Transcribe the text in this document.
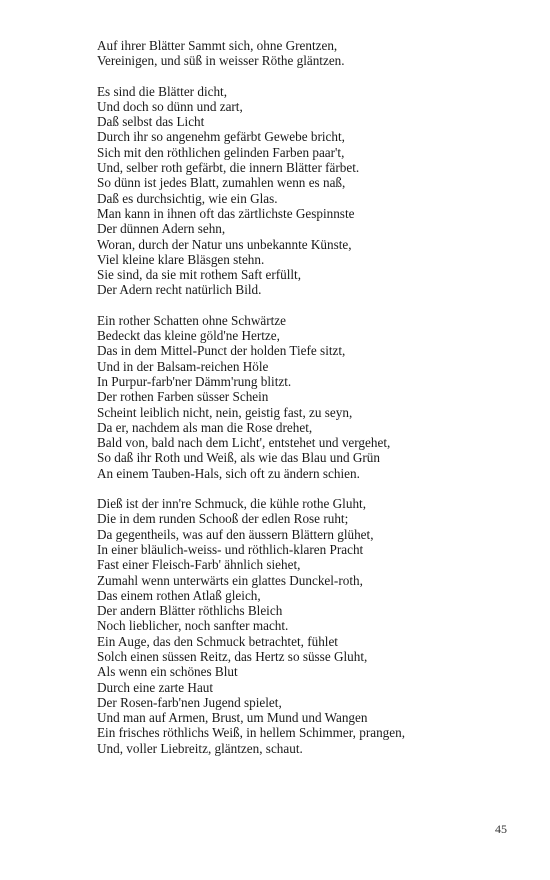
Auf ihrer Blätter Sammt sich, ohne Grentzen,
Vereinigen, und süß in weisser Röthe gläntzen.
Es sind die Blätter dicht,
Und doch so dünn und zart,
Daß selbst das Licht
Durch ihr so angenehm gefärbt Gewebe bricht,
Sich mit den röthlichen gelinden Farben paar't,
Und, selber roth gefärbt, die innern Blätter färbet.
So dünn ist jedes Blatt, zumahlen wenn es naß,
Daß es durchsichtig, wie ein Glas.
Man kann in ihnen oft das zärtlichste Gespinnste
Der dünnen Adern sehn,
Woran, durch der Natur uns unbekannte Künste,
Viel kleine klare Bläsgen stehn.
Sie sind, da sie mit rothem Saft erfüllt,
Der Adern recht natürlich Bild.
Ein rother Schatten ohne Schwärtze
Bedeckt das kleine göld'ne Hertze,
Das in dem Mittel-Punct der holden Tiefe sitzt,
Und in der Balsam-reichen Höle
In Purpur-farb'ner Dämm'rung blitzt.
Der rothen Farben süsser Schein
Scheint leiblich nicht, nein, geistig fast, zu seyn,
Da er, nachdem als man die Rose drehet,
Bald von, bald nach dem Licht', entstehet und vergehet,
So daß ihr Roth und Weiß, als wie das Blau und Grün
An einem Tauben-Hals, sich oft zu ändern schien.
Dieß ist der inn're Schmuck, die kühle rothe Gluht,
Die in dem runden Schooß der edlen Rose ruht;
Da gegentheils, was auf den äussern Blättern glühet,
In einer bläulich-weiss- und röthlich-klaren Pracht
Fast einer Fleisch-Farb' ähnlich siehet,
Zumahl wenn unterwärts ein glattes Dunckel-roth,
Das einem rothen Atlaß gleich,
Der andern Blätter röthlichs Bleich
Noch lieblicher, noch sanfter macht.
Ein Auge, das den Schmuck betrachtet, fühlet
Solch einen süssen Reitz, das Hertz so süsse Gluht,
Als wenn ein schönes Blut
Durch eine zarte Haut
Der Rosen-farb'nen Jugend spielet,
Und man auf Armen, Brust, um Mund und Wangen
Ein frisches röthlichs Weiß, in hellem Schimmer, prangen,
Und, voller Liebreitz, gläntzen, schaut.
45
